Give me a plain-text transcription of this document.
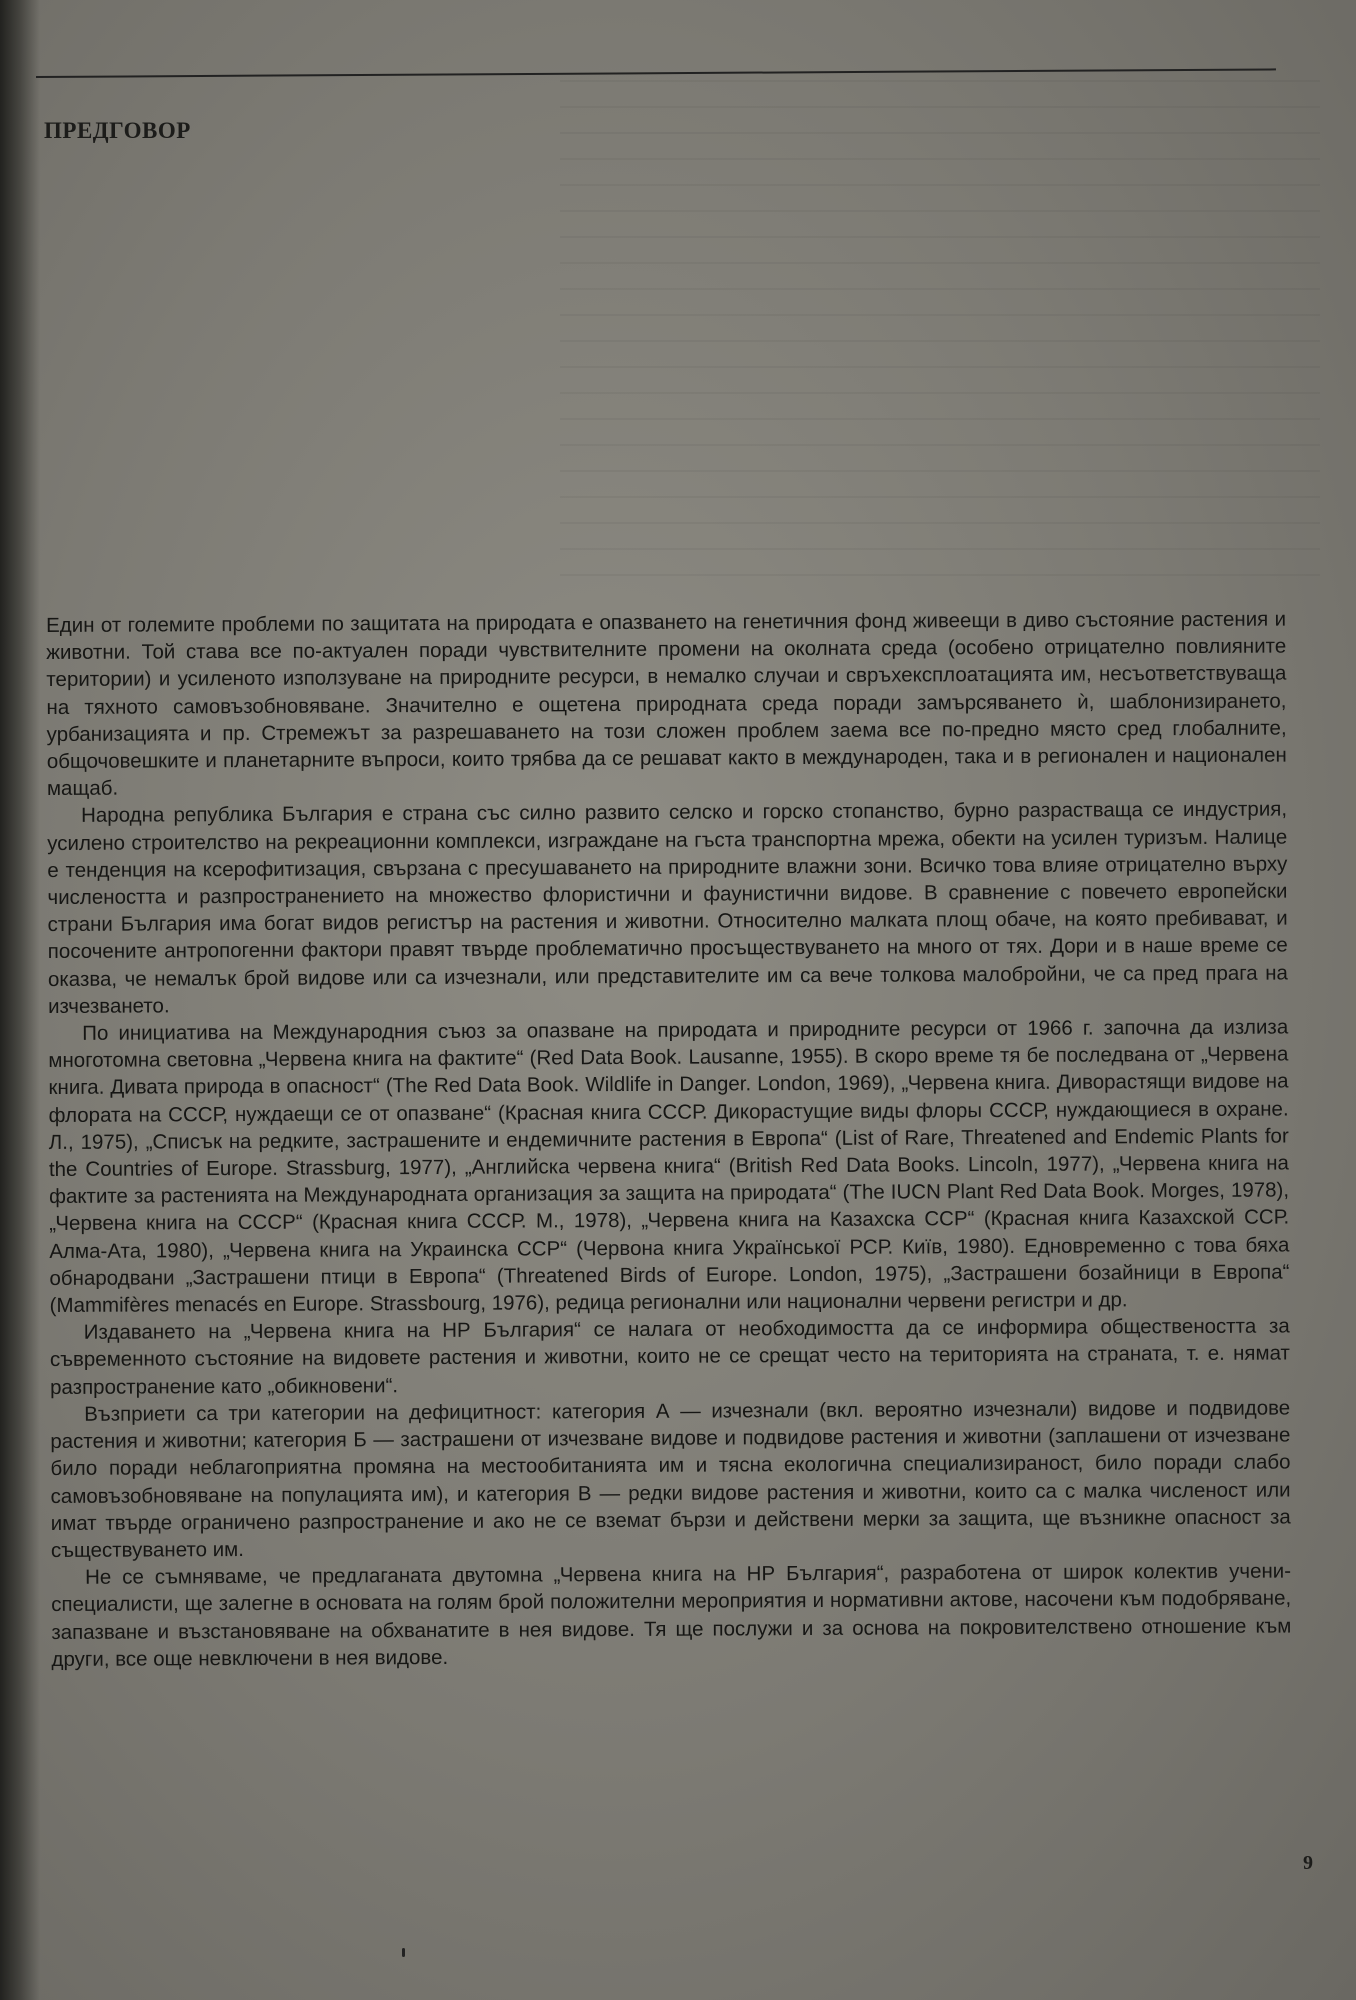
ПРЕДГОВОР

Един от големите проблеми по защитата на природата е опазването на генетичния фонд живеещи в диво състояние растения и животни. Той става все по-актуален поради чувствителните промени на околната среда (особено отрицателно повлияните територии) и усиленото използуване на природните ресурси, в немалко случаи и свръхексплоатацията им, несъответствуваща на тяхното самовъзобновяване. Значително е ощетена природната среда поради замърсяването ѝ, шаблонизирането, урбанизацията и пр. Стремежът за разрешаването на този сложен проблем заема все по-предно място сред глобалните, общочовешките и планетарните въпроси, които трябва да се решават както в международен, така и в регионален и национален мащаб.

Народна република България е страна със силно развито селско и горско стопанство, бурно разрастваща се индустрия, усилено строителство на рекреационни комплекси, изграждане на гъста транспортна мрежа, обекти на усилен туризъм. Налице е тенденция на ксерофитизация, свързана с пресушаването на природните влажни зони. Всичко това влияе отрицателно върху числеността и разпространението на множество флористични и фаунистични видове. В сравнение с повечето европейски страни България има богат видов регистър на растения и животни. Относително малката площ обаче, на която пребивават, и посочените антропогенни фактори правят твърде проблематично просъществуването на много от тях. Дори и в наше време се оказва, че немалък брой видове или са изчезнали, или представителите им са вече толкова малобройни, че са пред прага на изчезването.

По инициатива на Международния съюз за опазване на природата и природните ресурси от 1966 г. започна да излиза многотомна световна „Червена книга на фактите“ (Red Data Book. Lausanne, 1955). В скоро време тя бе последвана от „Червена книга. Дивата природа в опасност“ (The Red Data Book. Wildlife in Danger. London, 1969), „Червена книга. Диворастящи видове на флората на СССР, нуждаещи се от опазване“ (Красная книга СССР. Дикорастущие виды флоры СССР, нуждающиеся в охране. Л., 1975), „Списък на редките, застрашените и ендемичните растения в Европа“ (List of Rare, Threatened and Endemic Plants for the Countries of Europe. Strassburg, 1977), „Английска червена книга“ (British Red Data Books. Lincoln, 1977), „Червена книга на фактите за растенията на Международната организация за защита на природата“ (The IUCN Plant Red Data Book. Morges, 1978), „Червена книга на СССР“ (Красная книга СССР. М., 1978), „Червена книга на Казахска ССР“ (Красная книга Казахской ССР. Алма-Ата, 1980), „Червена книга на Украинска ССР“ (Червона книга Української РСР. Київ, 1980). Едновременно с това бяха обнародвани „Застрашени птици в Европа“ (Threatened Birds of Europe. London, 1975), „Застрашени бозайници в Европа“ (Mammifères menacés en Europe. Strassbourg, 1976), редица регионални или национални червени регистри и др.

Издаването на „Червена книга на НР България“ се налага от необходимостта да се информира обществеността за съвременното състояние на видовете растения и животни, които не се срещат често на територията на страната, т. е. нямат разпространение като „обикновени“.

Възприети са три категории на дефицитност: категория А — изчезнали (вкл. вероятно изчезнали) видове и подвидове растения и животни; категория Б — застрашени от изчезване видове и подвидове растения и животни (заплашени от изчезване било поради неблагоприятна промяна на местообитанията им и тясна екологична специализираност, било поради слабо самовъзобновяване на популацията им), и категория В — редки видове растения и животни, които са с малка численост или имат твърде ограничено разпространение и ако не се вземат бързи и действени мерки за защита, ще възникне опасност за съществуването им.

Не се съмняваме, че предлаганата двутомна „Червена книга на НР България“, разработена от широк колектив учени-специалисти, ще залегне в основата на голям брой положителни мероприятия и нормативни актове, насочени към подобряване, запазване и възстановяване на обхванатите в нея видове. Тя ще послужи и за основа на покровителствено отношение към други, все още невключени в нея видове.

9
